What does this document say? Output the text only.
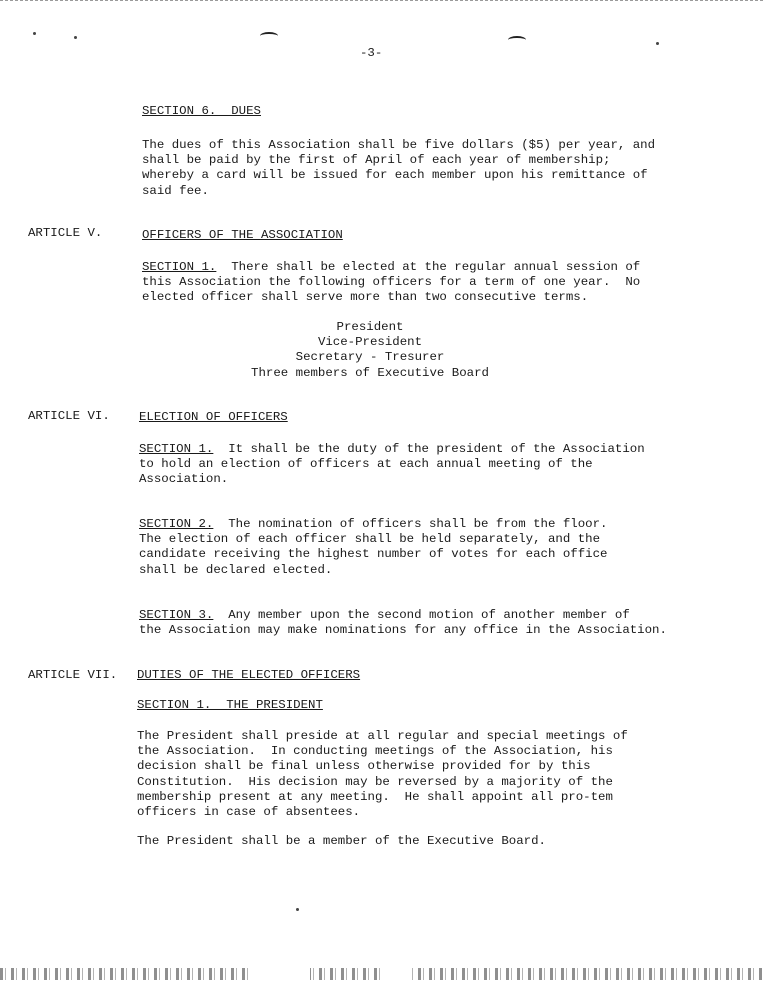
-3-
SECTION 6.  DUES
The dues of this Association shall be five dollars ($5) per year, and
shall be paid by the first of April of each year of membership;
whereby a card will be issued for each member upon his remittance of
said fee.
ARTICLE V.	OFFICERS OF THE ASSOCIATION
SECTION 1.  There shall be elected at the regular annual session of
this Association the following officers for a term of one year.  No
elected officer shall serve more than two consecutive terms.
President
Vice-President
Secretary - Tresurer
Three members of Executive Board
ARTICLE VI. ELECTION OF OFFICERS
SECTION 1.  It shall be the duty of the president of the Association
to hold an election of officers at each annual meeting of the
Association.
SECTION 2.  The nomination of officers shall be from the floor.
The election of each officer shall be held separately, and the
candidate receiving the highest number of votes for each office
shall be declared elected.
SECTION 3.  Any member upon the second motion of another member of
the Association may make nominations for any office in the Association.
ARTICLE VII. DUTIES OF THE ELECTED OFFICERS
SECTION 1.  THE PRESIDENT
The President shall preside at all regular and special meetings of
the Association.  In conducting meetings of the Association, his
decision shall be final unless otherwise provided for by this
Constitution.  His decision may be reversed by a majority of the
membership present at any meeting.  He shall appoint all pro-tem
officers in case of absentees.
The President shall be a member of the Executive Board.
